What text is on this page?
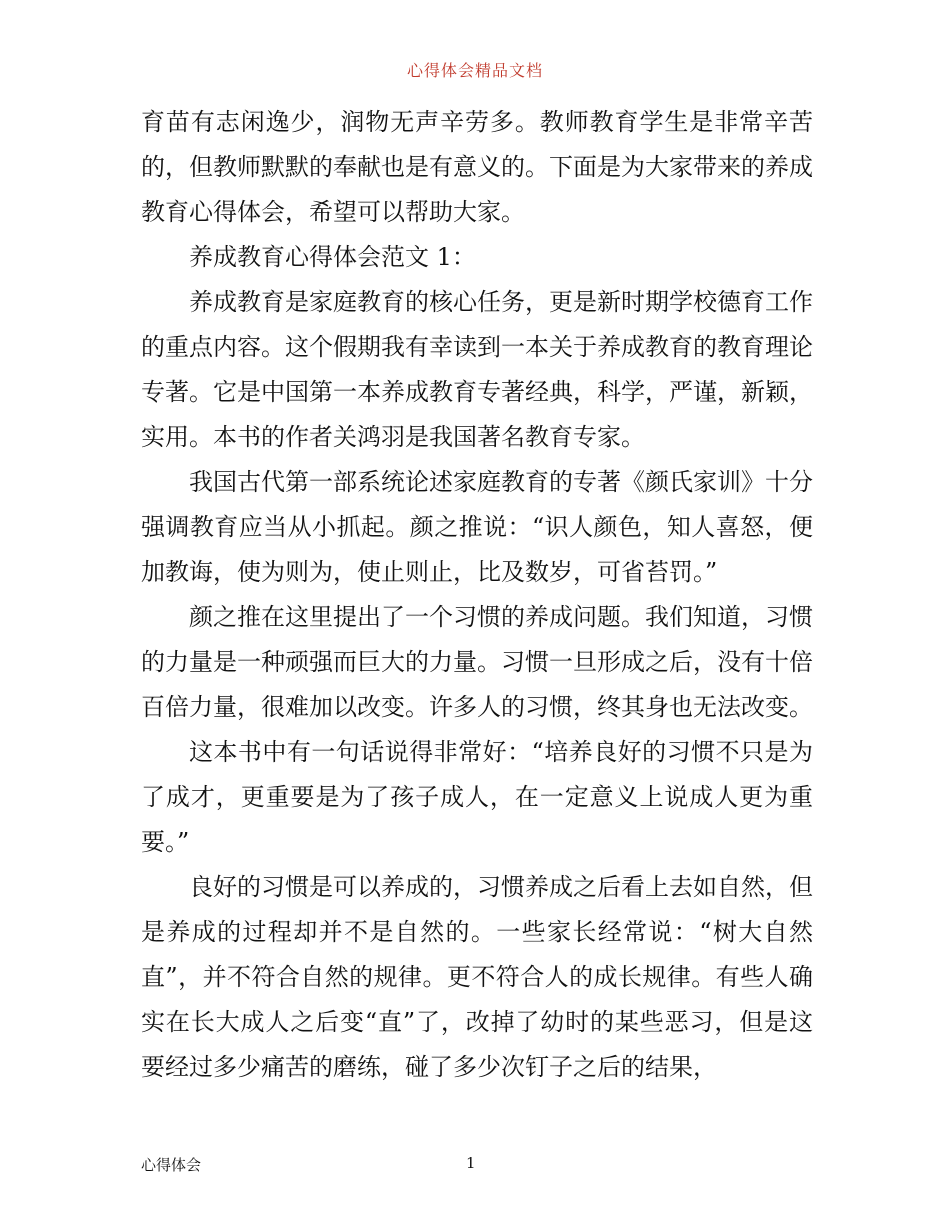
心得体会精品文档

育苗有志闲逸少，润物无声辛劳多。教师教育学生是非常辛苦的，但教师默默的奉献也是有意义的。下面是为大家带来的养成教育心得体会，希望可以帮助大家。

养成教育心得体会范文 1：

养成教育是家庭教育的核心任务，更是新时期学校德育工作的重点内容。这个假期我有幸读到一本关于养成教育的教育理论专著。它是中国第一本养成教育专著经典，科学，严谨，新颖，实用。本书的作者关鸿羽是我国著名教育专家。

我国古代第一部系统论述家庭教育的专著《颜氏家训》十分强调教育应当从小抓起。颜之推说：“识人颜色，知人喜怒，便加教诲，使为则为，使止则止，比及数岁，可省苔罚。”

颜之推在这里提出了一个习惯的养成问题。我们知道，习惯的力量是一种顽强而巨大的力量。习惯一旦形成之后，没有十倍百倍力量，很难加以改变。许多人的习惯，终其身也无法改变。

这本书中有一句话说得非常好：“培养良好的习惯不只是为了成才，更重要是为了孩子成人，在一定意义上说成人更为重要。”

良好的习惯是可以养成的，习惯养成之后看上去如自然，但是养成的过程却并不是自然的。一些家长经常说：“树大自然直”，并不符合自然的规律。更不符合人的成长规律。有些人确实在长大成人之后变“直”了，改掉了幼时的某些恶习，但是这要经过多少痛苦的磨练，碰了多少次钉子之后的结果，

心得体会	1
